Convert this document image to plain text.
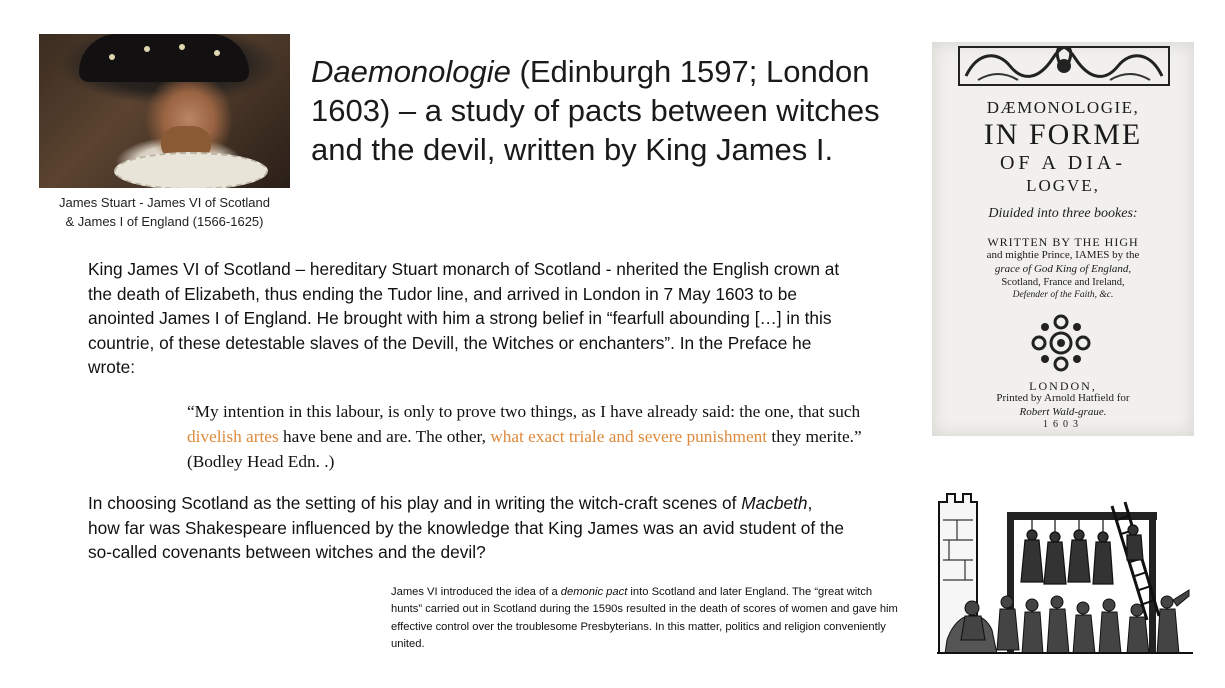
James Stuart - James VI of Scotland
& James I of England (1566-1625)
Daemonologie (Edinburgh 1597; London 1603) – a study of pacts between witches and the devil, written by King James I.

King James VI of Scotland – hereditary Stuart monarch of Scotland - nherited the English crown at the death of Elizabeth, thus ending the Tudor line, and arrived in London in 7 May 1603 to be anointed James I of England. He brought with him a strong belief in “fearfull abounding […] in this countrie, of these detestable slaves of the Devill, the Witches or enchanters”. In the Preface he wrote:

“My intention in this labour, is only to prove two things, as I have already said: the one, that such divelish artes have bene and are. The other, what exact triale and severe punishment they merite.” (Bodley Head Edn. .)

In choosing Scotland as the setting of his play and in writing the witch-craft scenes of Macbeth, how far was Shakespeare influenced by the knowledge that King James was an avid student of the so-called covenants between witches and the devil?

James VI introduced the idea of a demonic pact into Scotland and later England. The “great witch hunts” carried out in Scotland during the 1590s resulted in the death of scores of women and gave him effective control over the troublesome Presbyterians. In this matter, politics and religion conveniently united.

DÆMONOLOGIE,
IN FORME
OF A DIA-
LOGVE,
Diuided into three bookes:
WRITTEN BY THE HIGH
and mightie Prince, IAMES by the
grace of God King of England,
Scotland, France and Ireland,
Defender of the Faith, &c.
LONDON,
Printed by Arnold Hatfield for
Robert Wald-graue.
1603
